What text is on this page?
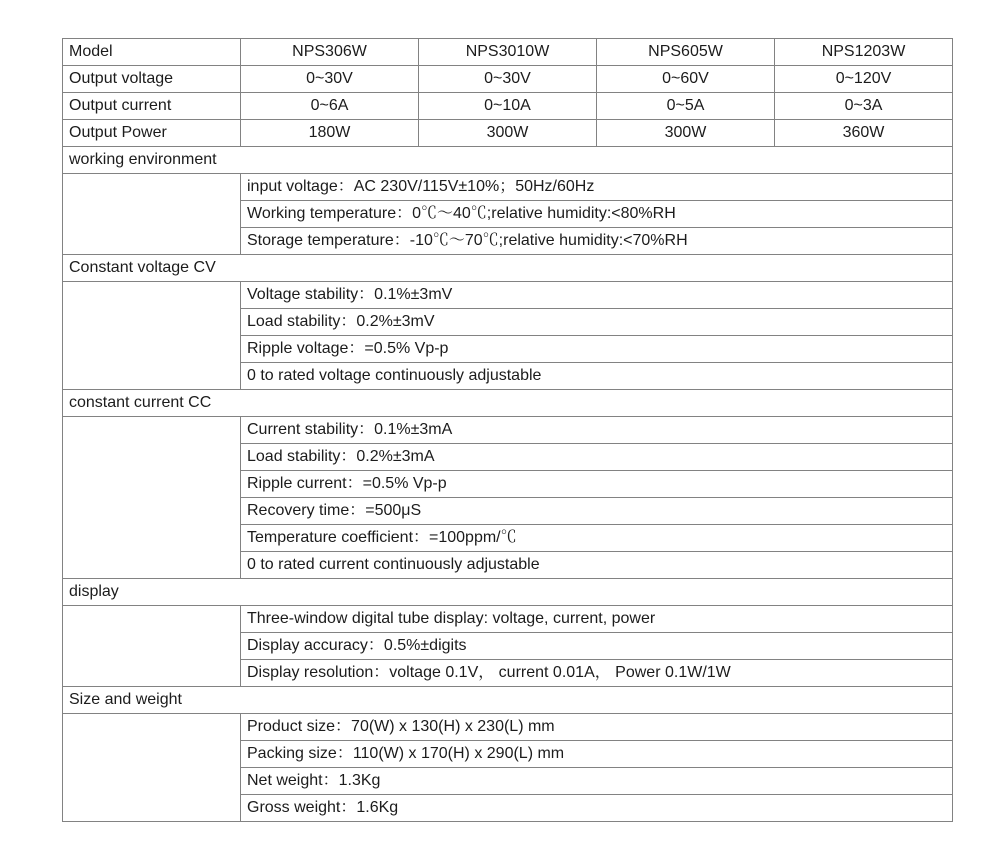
Model	NPS306W	NPS3010W	NPS605W	NPS1203W
Output voltage	0~30V	0~30V	0~60V	0~120V
Output current	0~6A	0~10A	0~5A	0~3A
Output Power	180W	300W	300W	360W
working environment				
	input voltage：AC 230V/115V±10%；50Hz/60Hz			
	Working temperature：0℃～40℃;relative humidity:<80%RH			
	Storage temperature：-10℃～70℃;relative humidity:<70%RH			
Constant voltage CV				
	Voltage stability：0.1%±3mV			
	Load stability：0.2%±3mV			
	Ripple voltage：=0.5% Vp-p			
	0 to rated voltage continuously adjustable			
constant current CC				
	Current stability：0.1%±3mA			
	Load stability：0.2%±3mA			
	Ripple current：=0.5% Vp-p			
	Recovery time：=500μS			
	Temperature coefficient：=100ppm/℃			
	0 to rated current continuously adjustable			
display				
	Three-window digital tube display: voltage, current, power			
	Display accuracy：0.5%±digits			
	Display resolution：voltage 0.1V， current 0.01A， Power 0.1W/1W			
Size and weight				
	Product size：70(W) x 130(H) x 230(L) mm			
	Packing size：110(W) x 170(H) x 290(L) mm			
	Net weight：1.3Kg			
	Gross weight：1.6Kg			
